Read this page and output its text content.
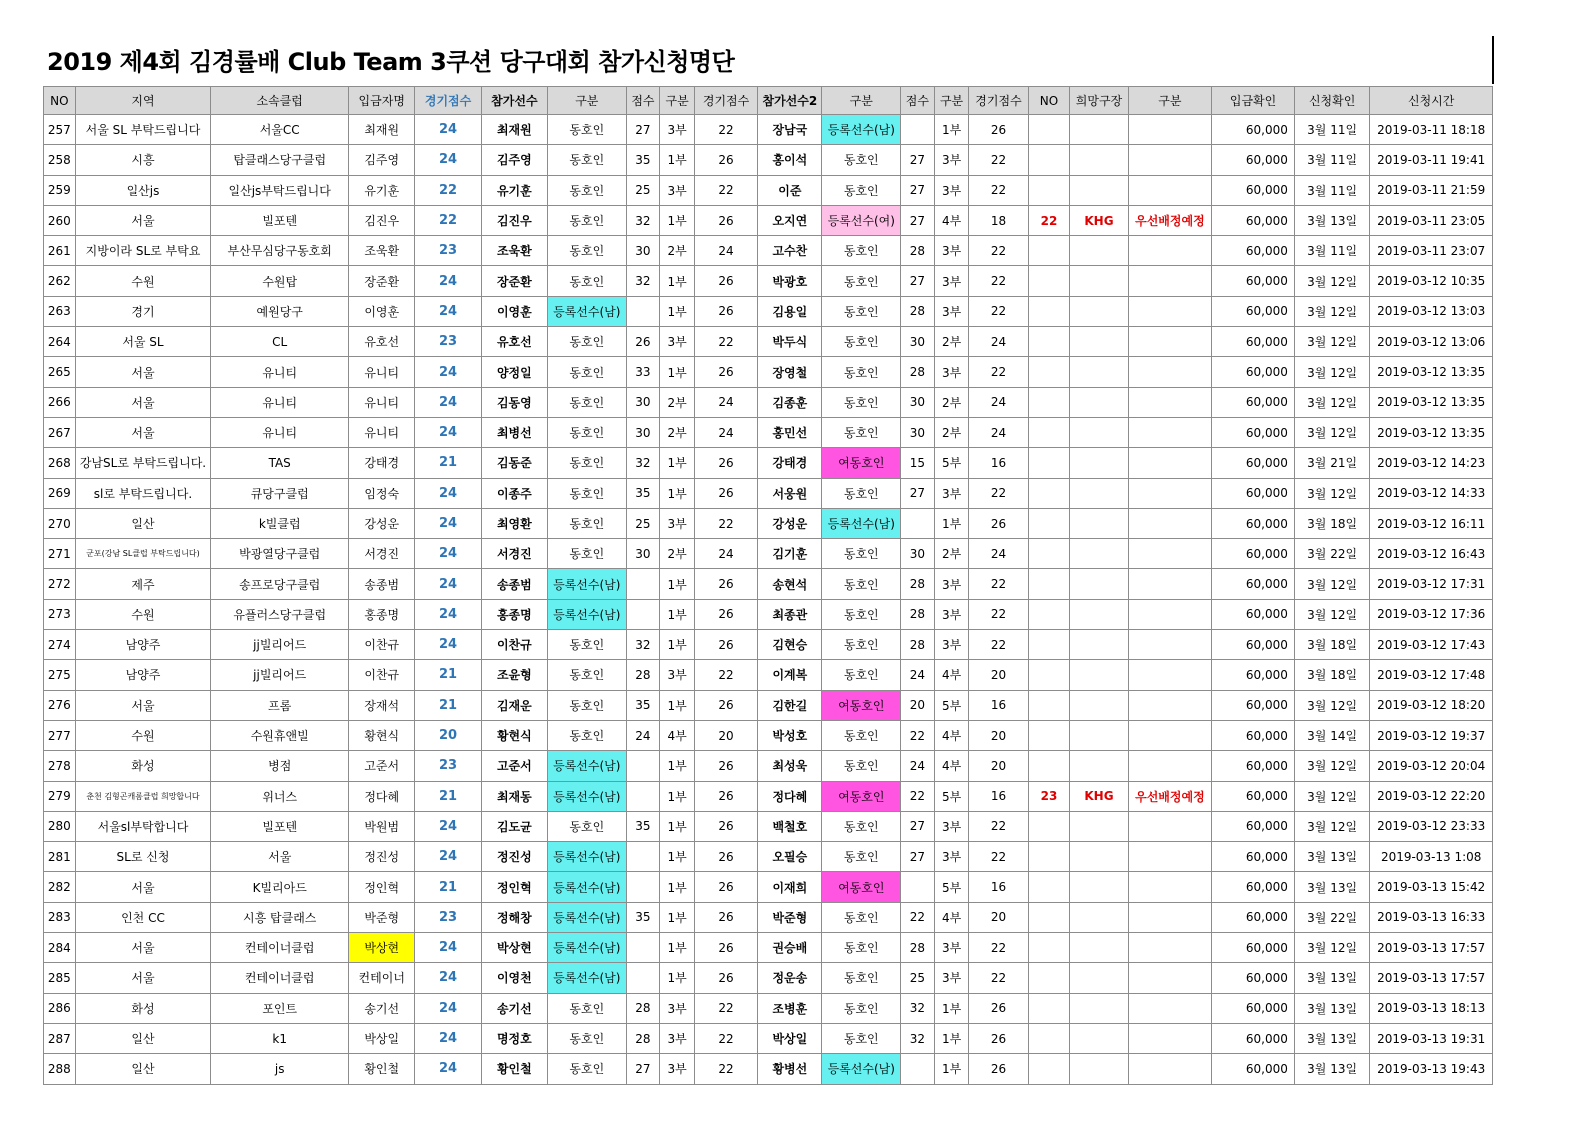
2019 제4회 김경률배 Club Team 3쿠션 당구대회 참가신청명단
NO	지역	소속클럽	입금자명	경기점수	참가선수	구분	점수	구분	경기점수	참가선수2	구분	점수	구분	경기점수	NO	희망구장	구분	입금확인	신청확인	신청시간
257	서울 SL 부탁드립니다	서울CC	최재원	24	최재원	동호인	27	3부	22	장남국	등록선수(남)		1부	26				60,000	3월 11일	2019-03-11 18:18
258	시흥	탑클래스당구클럽	김주영	24	김주영	동호인	35	1부	26	홍이석	동호인	27	3부	22				60,000	3월 11일	2019-03-11 19:41
259	일산js	일산js부탁드립니다	유기훈	22	유기훈	동호인	25	3부	22	이준	동호인	27	3부	22				60,000	3월 11일	2019-03-11 21:59
260	서울	빌포텐	김진우	22	김진우	동호인	32	1부	26	오지연	등록선수(여)	27	4부	18	22	KHG	우선배정예정	60,000	3월 13일	2019-03-11 23:05
261	지방이라 SL로 부탁요	부산무심당구동호회	조욱환	23	조욱환	동호인	30	2부	24	고수찬	동호인	28	3부	22				60,000	3월 11일	2019-03-11 23:07
262	수원	수원탑	장준환	24	장준환	동호인	32	1부	26	박광호	동호인	27	3부	22				60,000	3월 12일	2019-03-12 10:35
263	경기	예원당구	이영훈	24	이영훈	등록선수(남)		1부	26	김용일	동호인	28	3부	22				60,000	3월 12일	2019-03-12 13:03
264	서울 SL	CL	유호선	23	유호선	동호인	26	3부	22	박두식	동호인	30	2부	24				60,000	3월 12일	2019-03-12 13:06
265	서울	유니티	유니티	24	양정일	동호인	33	1부	26	장영철	동호인	28	3부	22				60,000	3월 12일	2019-03-12 13:35
266	서울	유니티	유니티	24	김동영	동호인	30	2부	24	김종훈	동호인	30	2부	24				60,000	3월 12일	2019-03-12 13:35
267	서울	유니티	유니티	24	최병선	동호인	30	2부	24	홍민선	동호인	30	2부	24				60,000	3월 12일	2019-03-12 13:35
268	강남SL로 부탁드립니다.	TAS	강태경	21	김동준	동호인	32	1부	26	강태경	여동호인	15	5부	16				60,000	3월 21일	2019-03-12 14:23
269	sl로 부탁드립니다.	큐당구클럽	임정숙	24	이종주	동호인	35	1부	26	서웅원	동호인	27	3부	22				60,000	3월 12일	2019-03-12 14:33
270	일산	k빌클럽	강성운	24	최영환	동호인	25	3부	22	강성운	등록선수(남)		1부	26				60,000	3월 18일	2019-03-12 16:11
271	군포(강남 SL클럽 부탁드립니다)	박광열당구클럽	서경진	24	서경진	동호인	30	2부	24	김기훈	동호인	30	2부	24				60,000	3월 22일	2019-03-12 16:43
272	제주	송프로당구클럽	송종범	24	송종범	등록선수(남)		1부	26	송현석	동호인	28	3부	22				60,000	3월 12일	2019-03-12 17:31
273	수원	유플러스당구클럽	홍종명	24	홍종명	등록선수(남)		1부	26	최종관	동호인	28	3부	22				60,000	3월 12일	2019-03-12 17:36
274	남양주	jj빌리어드	이찬규	24	이찬규	동호인	32	1부	26	김현승	동호인	28	3부	22				60,000	3월 18일	2019-03-12 17:43
275	남양주	jj빌리어드	이찬규	21	조윤형	동호인	28	3부	22	이계복	동호인	24	4부	20				60,000	3월 18일	2019-03-12 17:48
276	서울	프롬	장재석	21	김재운	동호인	35	1부	26	김한길	여동호인	20	5부	16				60,000	3월 12일	2019-03-12 18:20
277	수원	수원휴앤빌	황현식	20	황현식	동호인	24	4부	20	박성호	동호인	22	4부	20				60,000	3월 14일	2019-03-12 19:37
278	화성	병점	고준서	23	고준서	등록선수(남)		1부	26	최성욱	동호인	24	4부	20				60,000	3월 12일	2019-03-12 20:04
279	춘천 김형곤캐롬클럽 희망합니다	위너스	정다혜	21	최재동	등록선수(남)		1부	26	정다혜	여동호인	22	5부	16	23	KHG	우선배정예정	60,000	3월 12일	2019-03-12 22:20
280	서울sl부탁합니다	빌포텐	박원범	24	김도균	동호인	35	1부	26	백철호	동호인	27	3부	22				60,000	3월 12일	2019-03-12 23:33
281	SL로 신청	서울	정진성	24	정진성	등록선수(남)		1부	26	오필승	동호인	27	3부	22				60,000	3월 13일	2019-03-13 1:08
282	서울	K빌리아드	정인혁	21	정인혁	등록선수(남)		1부	26	이재희	여동호인		5부	16				60,000	3월 13일	2019-03-13 15:42
283	인천 CC	시흥 탑클래스	박준형	23	정해창	등록선수(남)	35	1부	26	박준형	동호인	22	4부	20				60,000	3월 22일	2019-03-13 16:33
284	서울	컨테이너클럽	박상현	24	박상현	등록선수(남)		1부	26	권승배	동호인	28	3부	22				60,000	3월 12일	2019-03-13 17:57
285	서울	컨테이너클럽	컨테이너	24	이영천	등록선수(남)		1부	26	정운송	동호인	25	3부	22				60,000	3월 13일	2019-03-13 17:57
286	화성	포인트	송기선	24	송기선	동호인	28	3부	22	조병훈	동호인	32	1부	26				60,000	3월 13일	2019-03-13 18:13
287	일산	k1	박상일	24	명정호	동호인	28	3부	22	박상일	동호인	32	1부	26				60,000	3월 13일	2019-03-13 19:31
288	일산	js	황인철	24	황인철	동호인	27	3부	22	황병선	등록선수(남)		1부	26				60,000	3월 13일	2019-03-13 19:43
